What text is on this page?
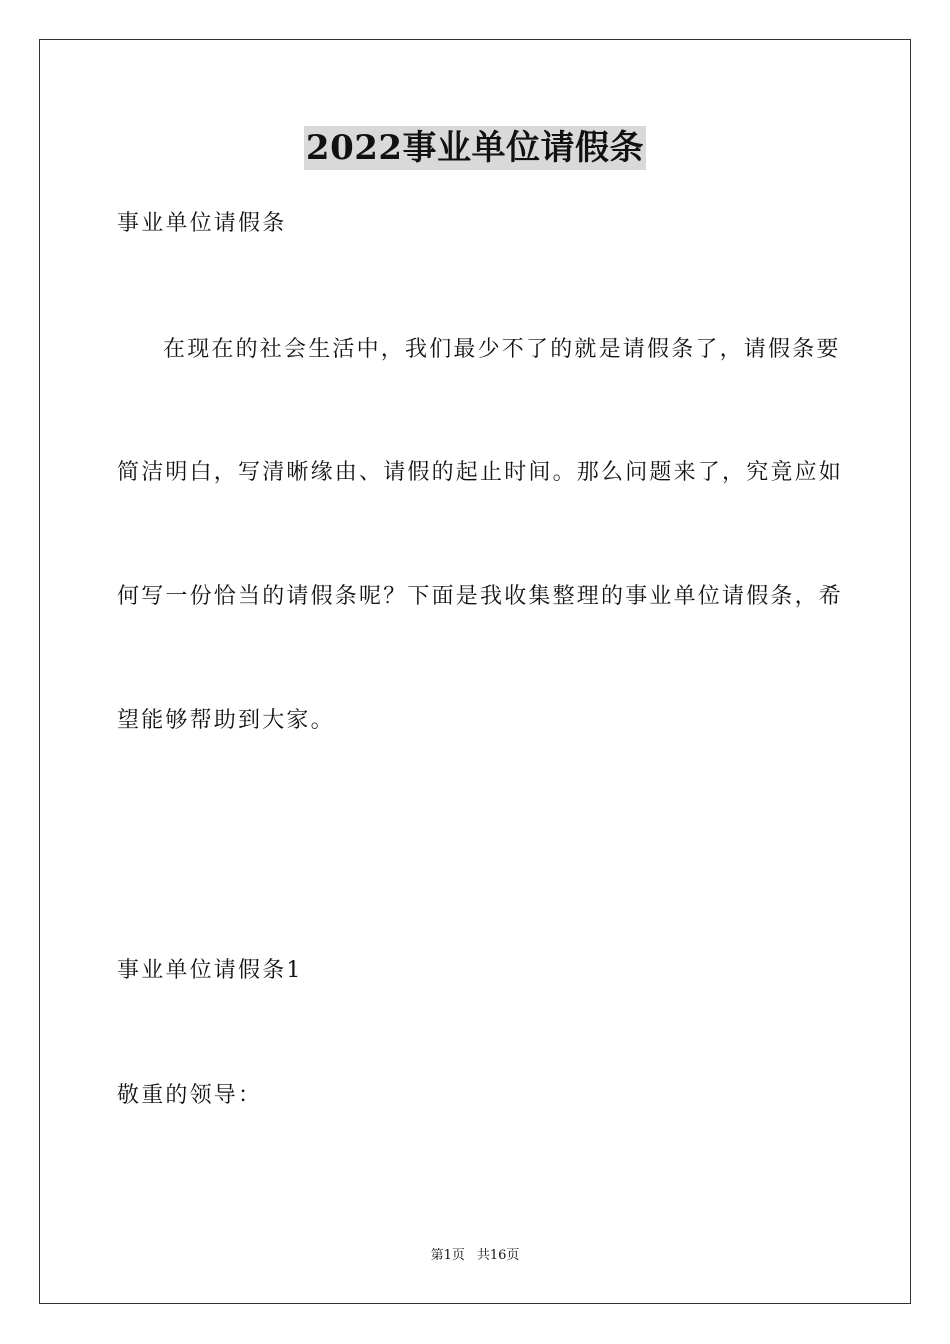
2022事业单位请假条
事业单位请假条
在现在的社会生活中，我们最少不了的就是请假条了，请假条要
简洁明白，写清晰缘由、请假的起止时间。那么问题来了，究竟应如
何写一份恰当的请假条呢？下面是我收集整理的事业单位请假条，希
望能够帮助到大家。
事业单位请假条1
敬重的领导：
第1页 共16页
